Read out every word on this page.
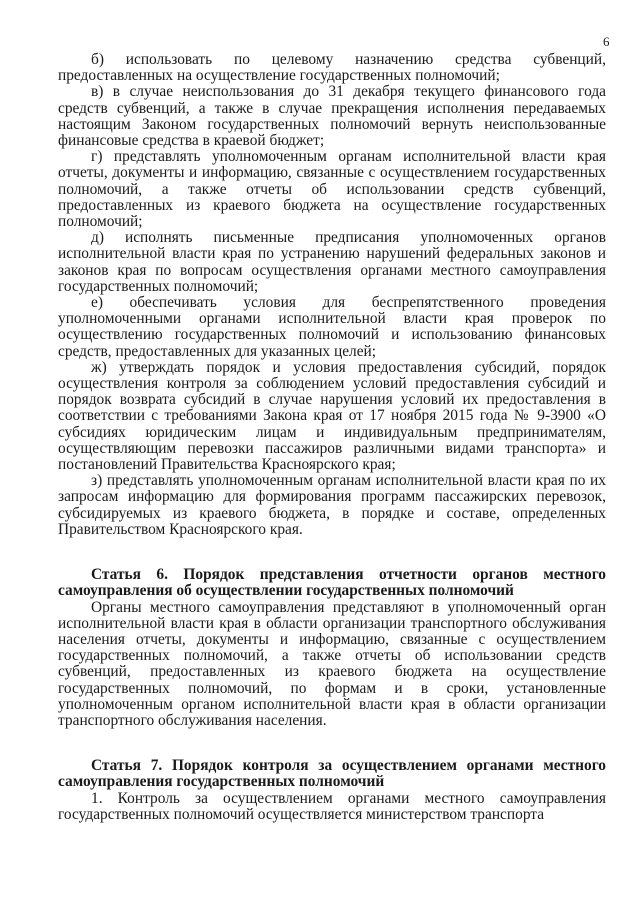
6

б) использовать по целевому назначению средства субвенций, предоставленных на осуществление государственных полномочий;

в) в случае неиспользования до 31 декабря текущего финансового года средств субвенций, а также в случае прекращения исполнения передаваемых настоящим Законом государственных полномочий вернуть неиспользованные финансовые средства в краевой бюджет;

г) представлять уполномоченным органам исполнительной власти края отчеты, документы и информацию, связанные с осуществлением государственных полномочий, а также отчеты об использовании средств субвенций, предоставленных из краевого бюджета на осуществление государственных полномочий;

д) исполнять письменные предписания уполномоченных органов исполнительной власти края по устранению нарушений федеральных законов и законов края по вопросам осуществления органами местного самоуправления государственных полномочий;

е) обеспечивать условия для беспрепятственного проведения уполномоченными органами исполнительной власти края проверок по осуществлению государственных полномочий и использованию финансовых средств, предоставленных для указанных целей;

ж) утверждать порядок и условия предоставления субсидий, порядок осуществления контроля за соблюдением условий предоставления субсидий и порядок возврата субсидий в случае нарушения условий их предоставления в соответствии с требованиями Закона края от 17 ноября 2015 года № 9-3900 «О субсидиях юридическим лицам и индивидуальным предпринимателям, осуществляющим перевозки пассажиров различными видами транспорта» и постановлений Правительства Красноярского края;

з) представлять уполномоченным органам исполнительной власти края по их запросам информацию для формирования программ пассажирских перевозок, субсидируемых из краевого бюджета, в порядке и составе, определенных Правительством Красноярского края.

Статья 6. Порядок представления отчетности органов местного самоуправления об осуществлении государственных полномочий

Органы местного самоуправления представляют в уполномоченный орган исполнительной власти края в области организации транспортного обслуживания населения отчеты, документы и информацию, связанные с осуществлением государственных полномочий, а также отчеты об использовании средств субвенций, предоставленных из краевого бюджета на осуществление государственных полномочий, по формам и в сроки, установленные уполномоченным органом исполнительной власти края в области организации транспортного обслуживания населения.

Статья 7. Порядок контроля за осуществлением органами местного самоуправления государственных полномочий

1. Контроль за осуществлением органами местного самоуправления государственных полномочий осуществляется министерством транспорта
